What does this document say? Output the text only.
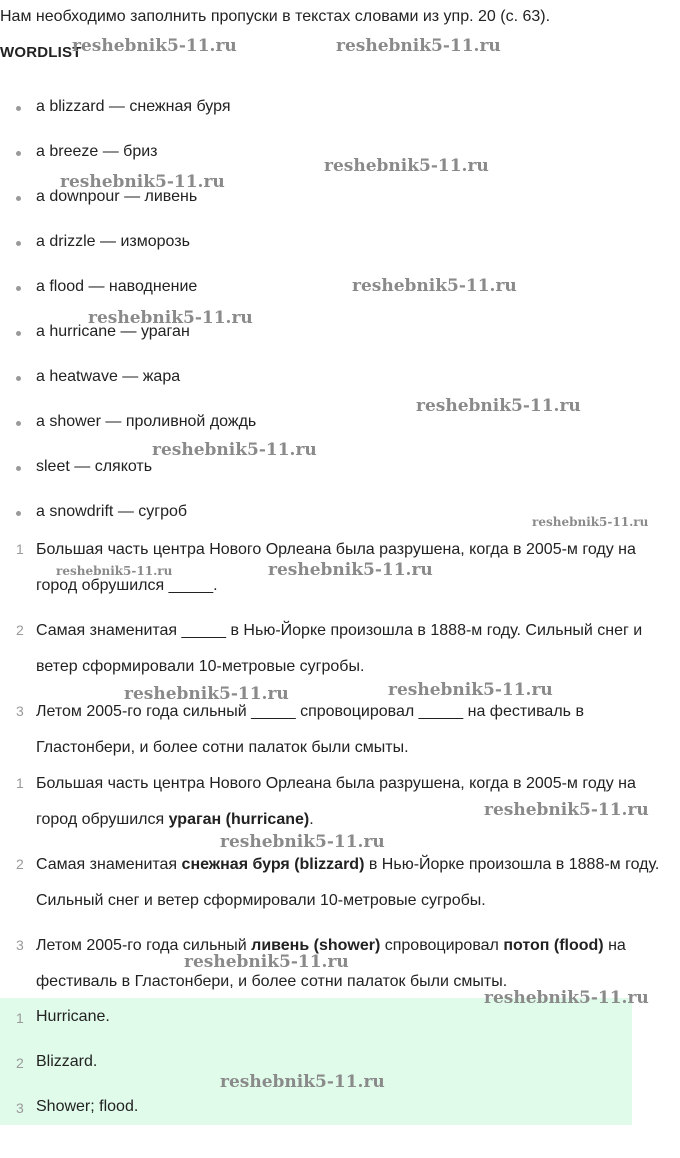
Нам необходимо заполнить пропуски в текстах словами из упр. 20 (с. 63).
WORDLIST
a blizzard — снежная буря
a breeze — бриз
a downpour — ливень
a drizzle — изморозь
a flood — наводнение
a hurricane — ураган
a heatwave — жара
a shower — проливной дождь
sleet — слякоть
a snowdrift — сугроб
1 Большая часть центра Нового Орлеана была разрушена, когда в 2005-м году на город обрушился _____.
2 Самая знаменитая _____ в Нью-Йорке произошла в 1888-м году. Сильный снег и ветер сформировали 10-метровые сугробы.
3 Летом 2005-го года сильный _____ спровоцировал _____ на фестиваль в Гластонбери, и более сотни палаток были смыты.
1 Большая часть центра Нового Орлеана была разрушена, когда в 2005-м году на город обрушился ураган (hurricane).
2 Самая знаменитая снежная буря (blizzard) в Нью-Йорке произошла в 1888-м году. Сильный снег и ветер сформировали 10-метровые сугробы.
3 Летом 2005-го года сильный ливень (shower) спровоцировал потоп (flood) на фестиваль в Гластонбери, и более сотни палаток были смыты.
1 Hurricane.
2 Blizzard.
3 Shower; flood.
reshebnik5-11.ru	reshebnik5-11.ru
reshebnik5-11.ru
reshebnik5-11.ru
reshebnik5-11.ru
reshebnik5-11.ru
reshebnik5-11.ru
reshebnik5-11.ru
reshebnik5-11.ru
reshebnik5-11.ru	reshebnik5-11.ru
reshebnik5-11.ru	reshebnik5-11.ru
reshebnik5-11.ru
reshebnik5-11.ru
reshebnik5-11.ru
reshebnik5-11.ru
reshebnik5-11.ru
